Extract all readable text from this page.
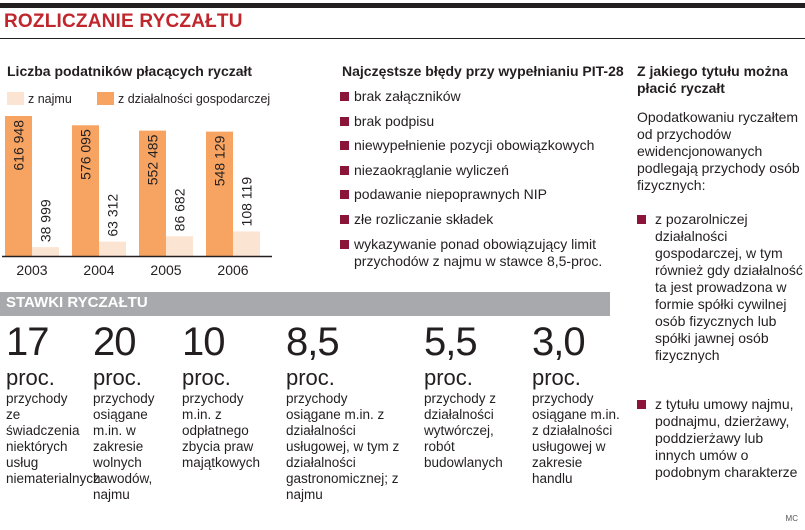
ROZLICZANIE RYCZAŁTU
Liczba podatników płacących ryczałt
z najmu	z działalności gospodarczej
616 948
38 999
2003
576 095
63 312
2004
552 485
86 682
2005
548 129
108 119
2006
Najczęstsze błędy przy wypełnianiu PIT-28
brak załączników
brak podpisu
niewypełnienie pozycji obowiązkowych
niezaokrąglanie wyliczeń
podawanie niepoprawnych NIP
złe rozliczanie składek
wykazywanie ponad obowiązujący limit przychodów z najmu w stawce 8,5-proc.
Z jakiego tytułu można płacić ryczałt
Opodatkowaniu ryczałtem od przychodów ewidencjonowanych podlegają przychody osób fizycznych:
z pozarolniczej działalności gospodarczej, w tym również gdy działalność ta jest prowadzona w formie spółki cywilnej osób fizycznych lub spółki jawnej osób fizycznych
z tytułu umowy najmu, podnajmu, dzierżawy, poddzierżawy lub innych umów o podobnym charakterze
STAWKI RYCZAŁTU
17
proc.
przychody ze świadczenia niektórych usług niematerialnych
20
proc.
przychody osiągane m.in. w zakresie wolnych zawodów, najmu
10
proc.
przychody m.in. z odpłatnego zbycia praw majątkowych
8,5
proc.
przychody osiągane m.in. z działalności usługowej, w tym z działalności gastronomicznej; z najmu
5,5
proc.
przychody z działalności wytwórczej, robót budowlanych
3,0
proc.
przychody osiągane m.in. z działalności usługowej w zakresie handlu
MC
